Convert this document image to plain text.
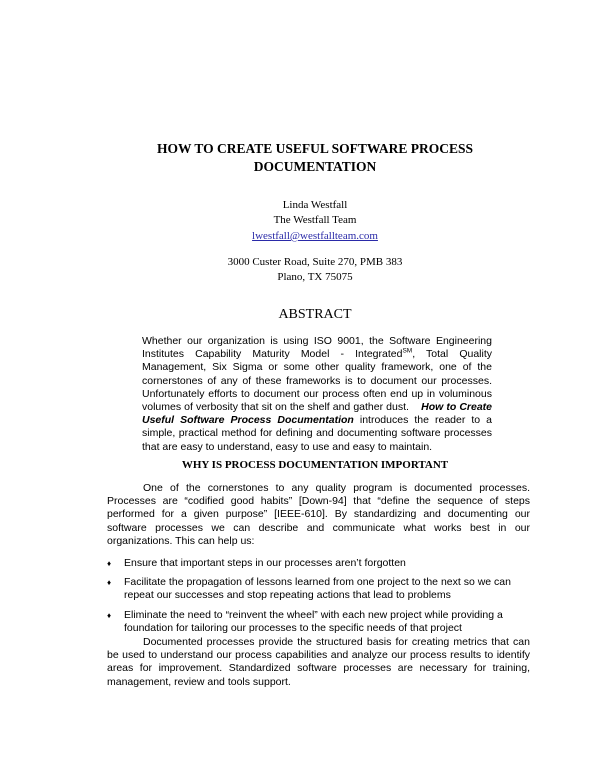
HOW TO CREATE USEFUL SOFTWARE PROCESS
DOCUMENTATION
Linda Westfall
The Westfall Team
lwestfall@westfallteam.com
3000 Custer Road, Suite 270, PMB 383
Plano, TX 75075
ABSTRACT
Whether our organization is using ISO 9001, the Software Engineering Institutes Capability Maturity Model - Integrated℠, Total Quality Management, Six Sigma or some other quality framework, one of the cornerstones of any of these frameworks is to document our processes. Unfortunately efforts to document our process often end up in voluminous volumes of verbosity that sit on the shelf and gather dust. How to Create Useful Software Process Documentation introduces the reader to a simple, practical method for defining and documenting software processes that are easy to understand, easy to use and easy to maintain.
WHY IS PROCESS DOCUMENTATION IMPORTANT
One of the cornerstones to any quality program is documented processes. Processes are “codified good habits” [Down-94] that “define the sequence of steps performed for a given purpose” [IEEE-610]. By standardizing and documenting our software processes we can describe and communicate what works best in our organizations. This can help us:
♦ Ensure that important steps in our processes aren’t forgotten
♦ Facilitate the propagation of lessons learned from one project to the next so we can repeat our successes and stop repeating actions that lead to problems
♦ Eliminate the need to “reinvent the wheel” with each new project while providing a foundation for tailoring our processes to the specific needs of that project
Documented processes provide the structured basis for creating metrics that can be used to understand our process capabilities and analyze our process results to identify areas for improvement. Standardized software processes are necessary for training, management, review and tools support.
